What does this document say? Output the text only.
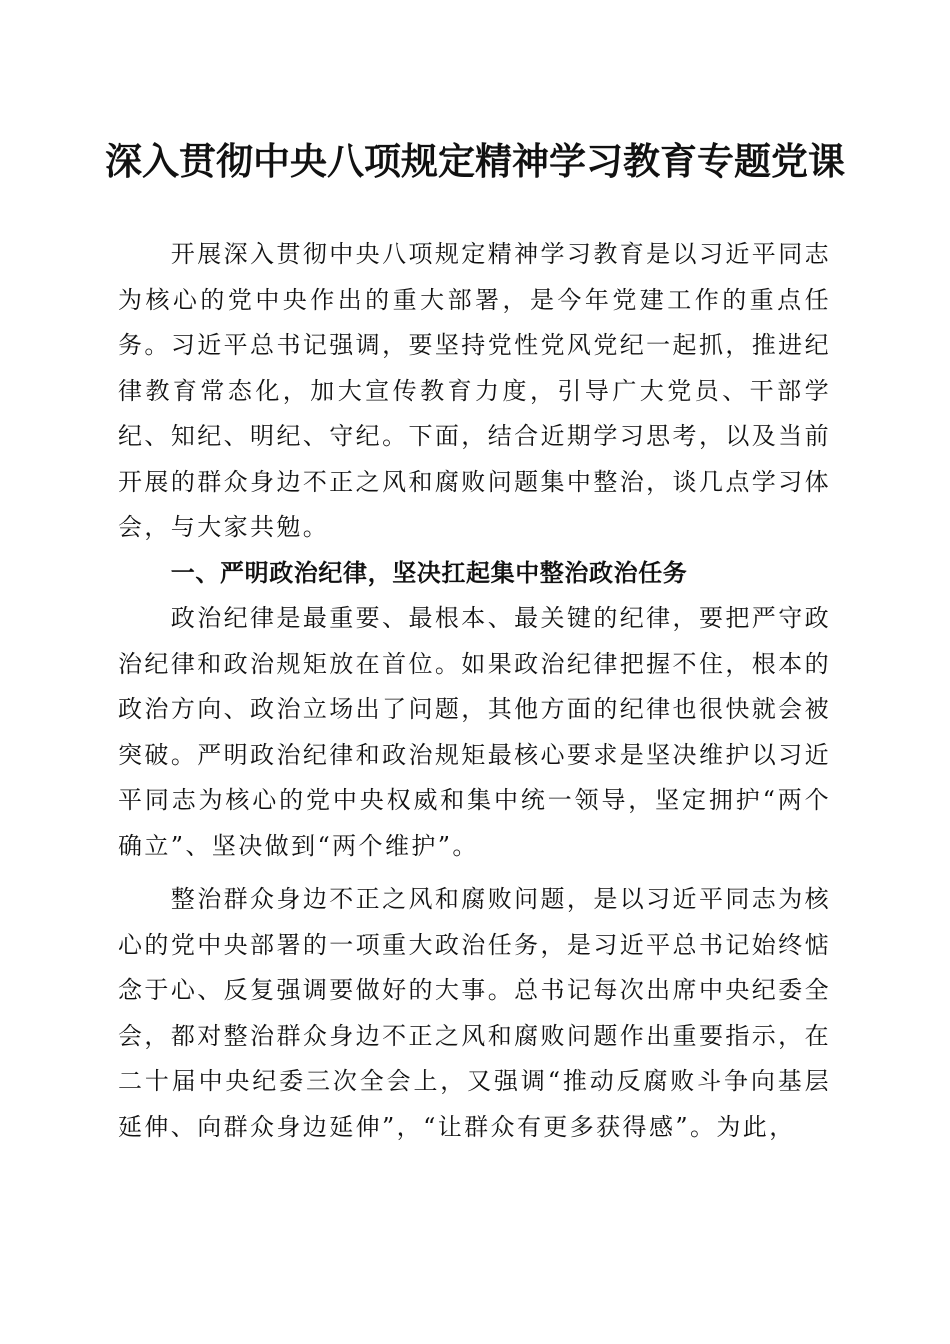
深入贯彻中央八项规定精神学习教育专题党课

开展深入贯彻中央八项规定精神学习教育是以习近平同志为核心的党中央作出的重大部署，是今年党建工作的重点任务。习近平总书记强调，要坚持党性党风党纪一起抓，推进纪律教育常态化，加大宣传教育力度，引导广大党员、干部学纪、知纪、明纪、守纪。下面，结合近期学习思考，以及当前开展的群众身边不正之风和腐败问题集中整治，谈几点学习体会，与大家共勉。

一、严明政治纪律，坚决扛起集中整治政治任务

政治纪律是最重要、最根本、最关键的纪律，要把严守政治纪律和政治规矩放在首位。如果政治纪律把握不住，根本的政治方向、政治立场出了问题，其他方面的纪律也很快就会被突破。严明政治纪律和政治规矩最核心要求是坚决维护以习近平同志为核心的党中央权威和集中统一领导，坚定拥护“两个确立”、坚决做到“两个维护”。

整治群众身边不正之风和腐败问题，是以习近平同志为核心的党中央部署的一项重大政治任务，是习近平总书记始终惦念于心、反复强调要做好的大事。总书记每次出席中央纪委全会，都对整治群众身边不正之风和腐败问题作出重要指示，在二十届中央纪委三次全会上，又强调“推动反腐败斗争向基层延伸、向群众身边延伸”，“让群众有更多获得感”。为此，
